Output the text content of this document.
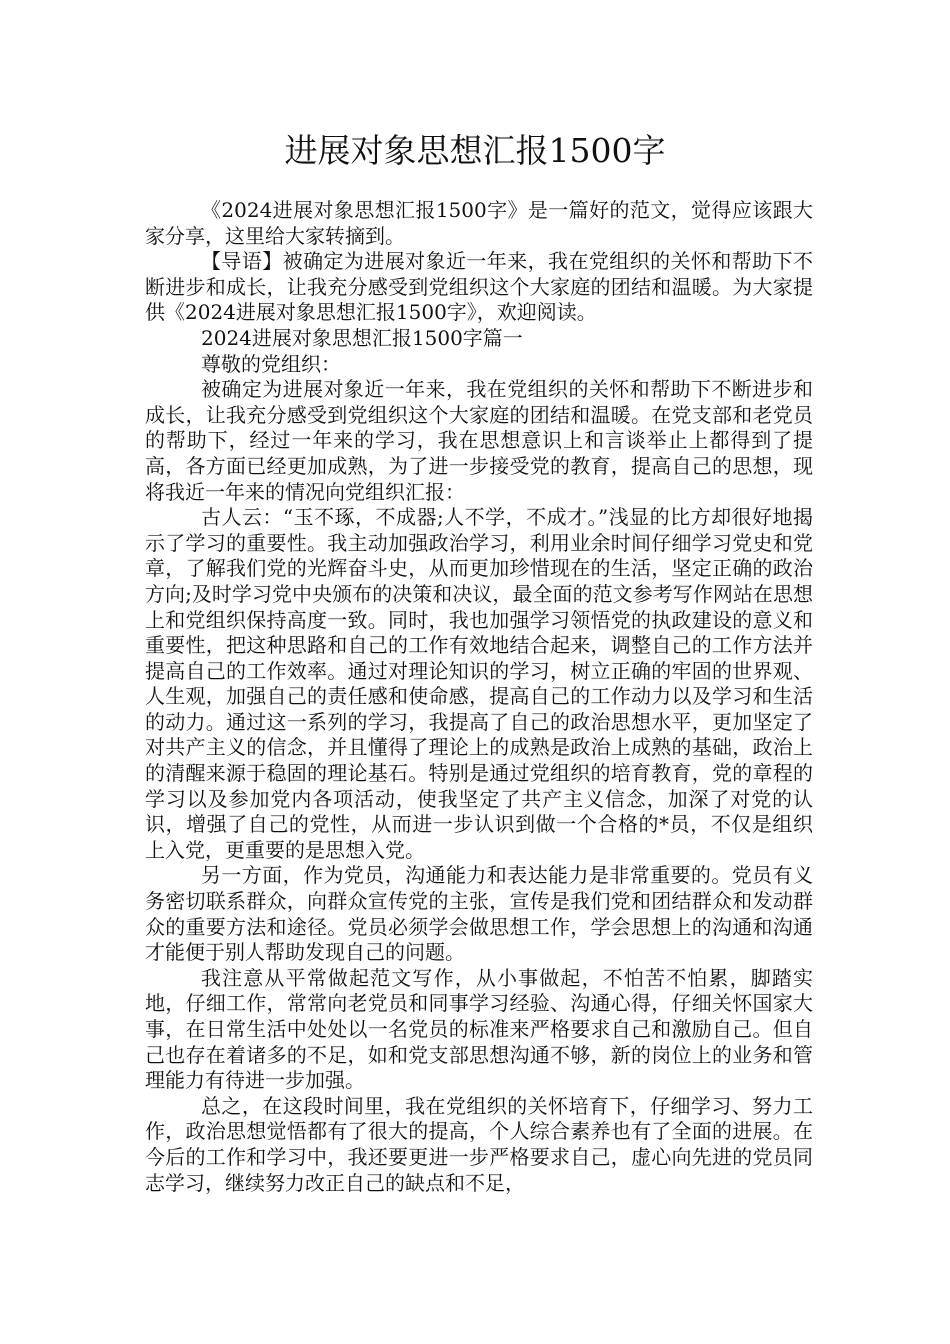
进展对象思想汇报1500字

《2024进展对象思想汇报1500字》是一篇好的范文，觉得应该跟大家分享，这里给大家转摘到。

【导语】被确定为进展对象近一年来，我在党组织的关怀和帮助下不断进步和成长，让我充分感受到党组织这个大家庭的团结和温暖。为大家提供《2024进展对象思想汇报1500字》，欢迎阅读。

2024进展对象思想汇报1500字篇一

尊敬的党组织：

被确定为进展对象近一年来，我在党组织的关怀和帮助下不断进步和成长，让我充分感受到党组织这个大家庭的团结和温暖。在党支部和老党员的帮助下，经过一年来的学习，我在思想意识上和言谈举止上都得到了提高，各方面已经更加成熟，为了进一步接受党的教育，提高自己的思想，现将我近一年来的情况向党组织汇报：

古人云：“玉不琢，不成器;人不学，不成才。”浅显的比方却很好地揭示了学习的重要性。我主动加强政治学习，利用业余时间仔细学习党史和党章，了解我们党的光辉奋斗史，从而更加珍惜现在的生活，坚定正确的政治方向;及时学习党中央颁布的决策和决议，最全面的范文参考写作网站在思想上和党组织保持高度一致。同时，我也加强学习领悟党的执政建设的意义和重要性，把这种思路和自己的工作有效地结合起来，调整自己的工作方法并提高自己的工作效率。通过对理论知识的学习，树立正确的牢固的世界观、人生观，加强自己的责任感和使命感，提高自己的工作动力以及学习和生活的动力。通过这一系列的学习，我提高了自己的政治思想水平，更加坚定了对共产主义的信念，并且懂得了理论上的成熟是政治上成熟的基础，政治上的清醒来源于稳固的理论基石。特别是通过党组织的培育教育，党的章程的学习以及参加党内各项活动，使我坚定了共产主义信念，加深了对党的认识，增强了自己的党性，从而进一步认识到做一个合格的*员，不仅是组织上入党，更重要的是思想入党。

另一方面，作为党员，沟通能力和表达能力是非常重要的。党员有义务密切联系群众，向群众宣传党的主张，宣传是我们党和团结群众和发动群众的重要方法和途径。党员必须学会做思想工作，学会思想上的沟通和沟通才能便于别人帮助发现自己的问题。

我注意从平常做起范文写作，从小事做起，不怕苦不怕累，脚踏实地，仔细工作，常常向老党员和同事学习经验、沟通心得，仔细关怀国家大事，在日常生活中处处以一名党员的标准来严格要求自己和激励自己。但自己也存在着诸多的不足，如和党支部思想沟通不够，新的岗位上的业务和管理能力有待进一步加强。

总之，在这段时间里，我在党组织的关怀培育下，仔细学习、努力工作，政治思想觉悟都有了很大的提高，个人综合素养也有了全面的进展。在今后的工作和学习中，我还要更进一步严格要求自己，虚心向先进的党员同志学习，继续努力改正自己的缺点和不足，
